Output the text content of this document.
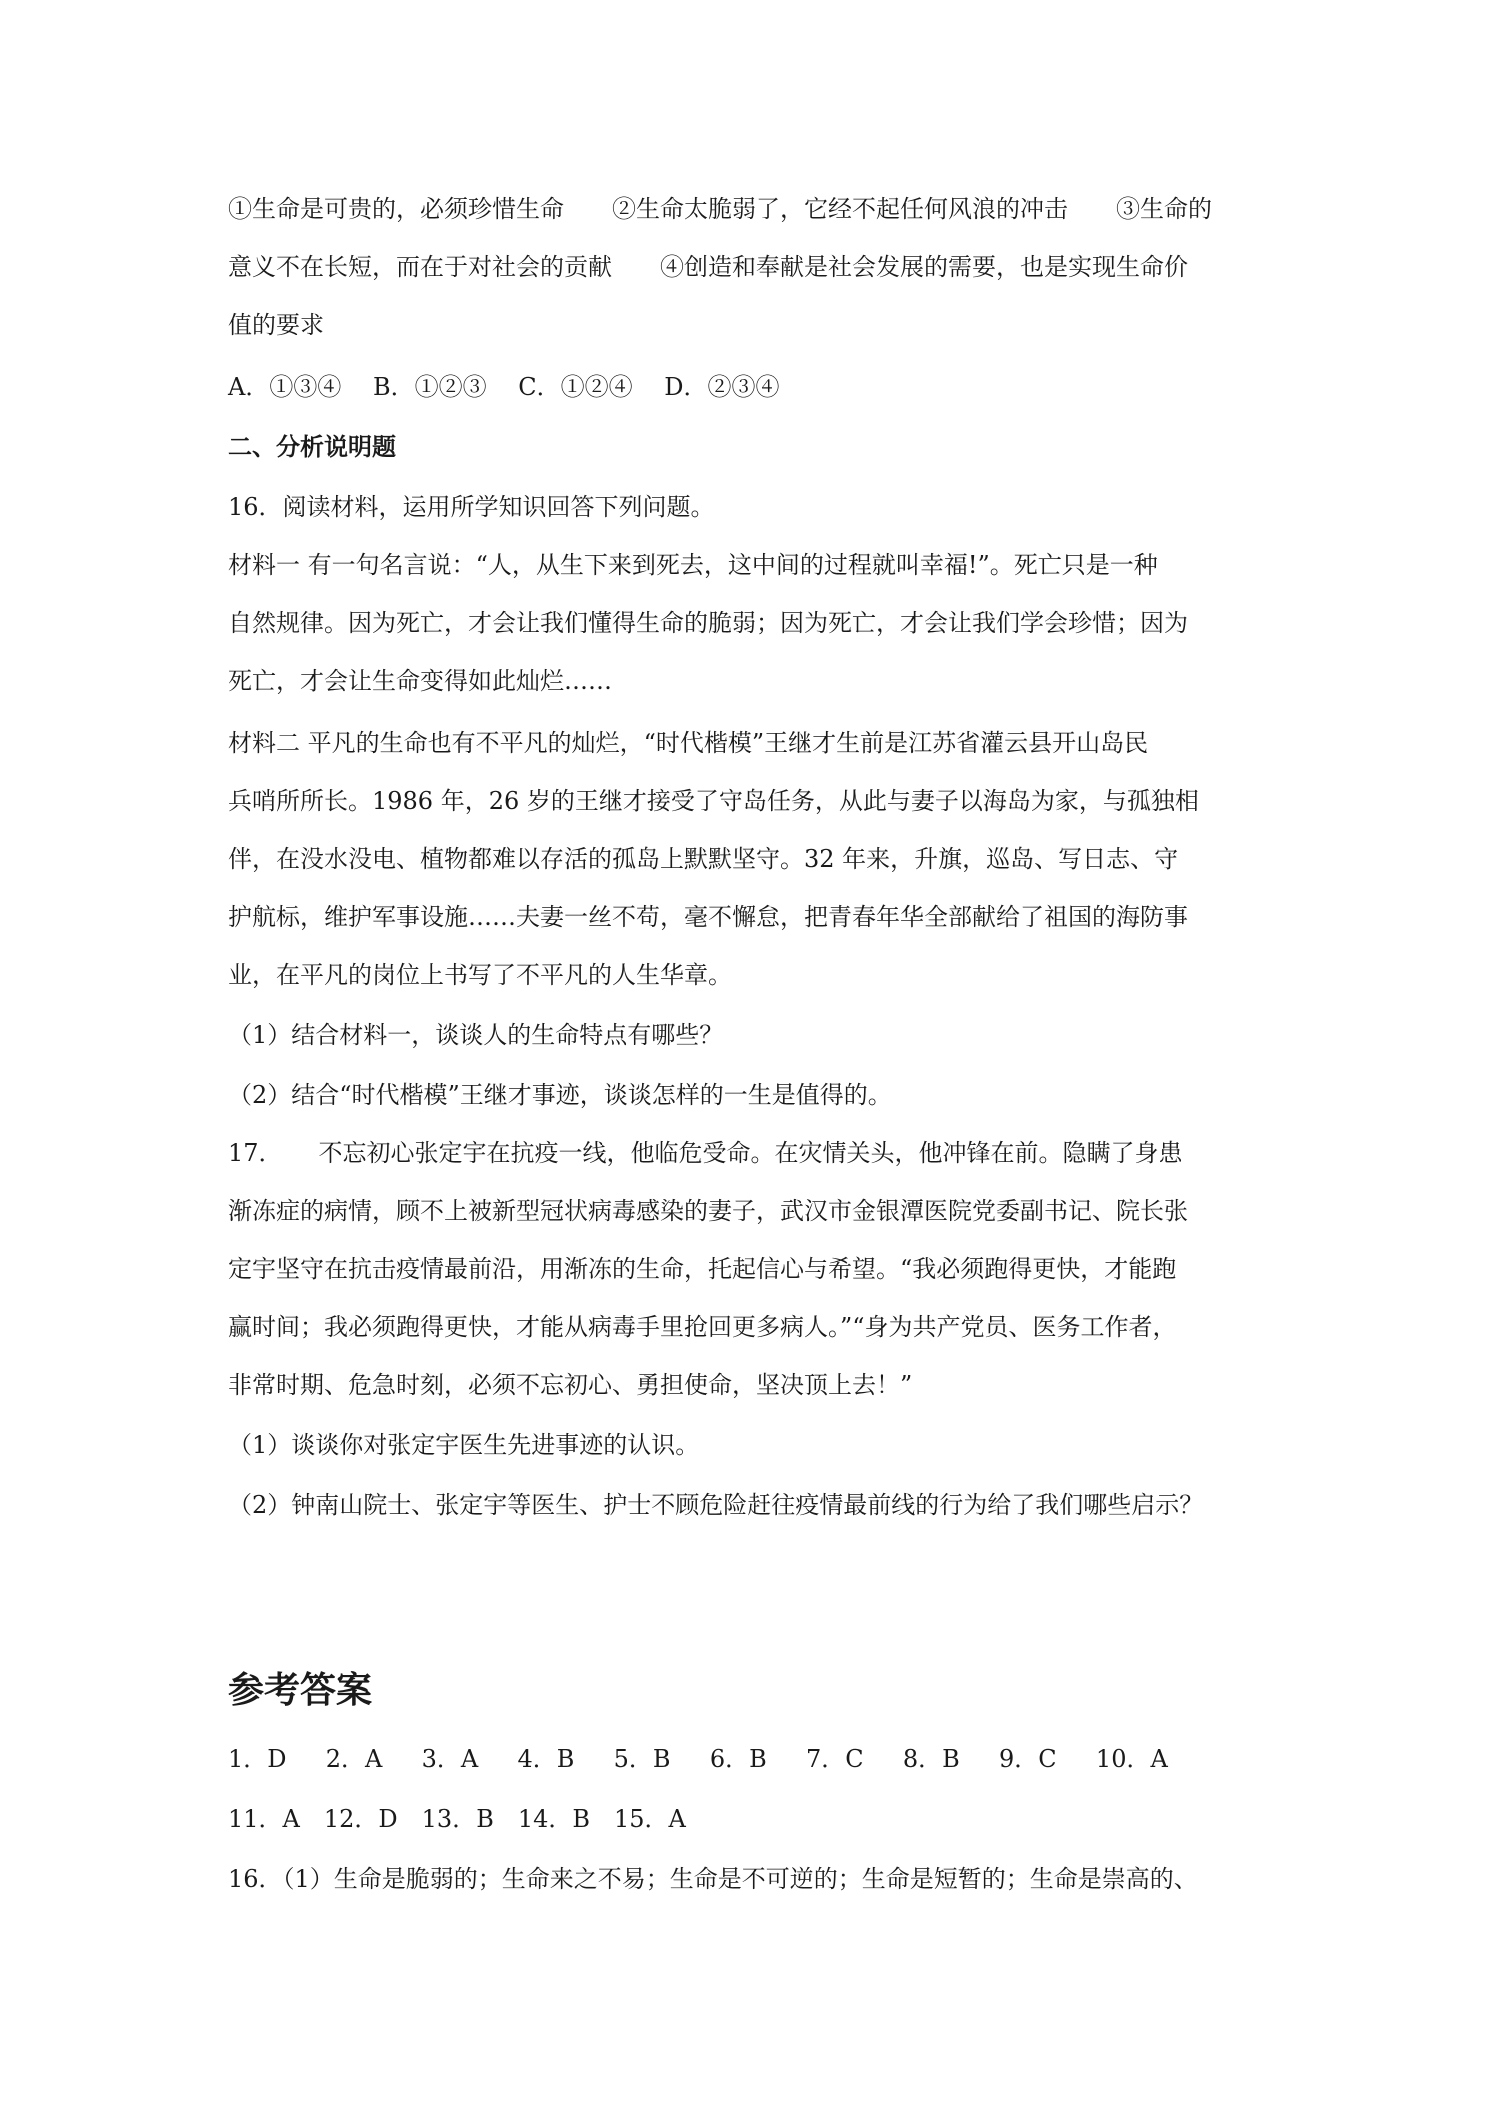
①生命是可贵的，必须珍惜生命　　②生命太脆弱了，它经不起任何风浪的冲击　　③生命的

意义不在长短，而在于对社会的贡献　　④创造和奉献是社会发展的需要，也是实现生命价

值的要求

A．①③④　 B．①②③　 C．①②④　 D．②③④

二、分析说明题

16．阅读材料，运用所学知识回答下列问题。

材料一 有一句名言说：“人，从生下来到死去，这中间的过程就叫幸福!”。死亡只是一种

自然规律。因为死亡，才会让我们懂得生命的脆弱；因为死亡，才会让我们学会珍惜；因为

死亡，才会让生命变得如此灿烂……

材料二 平凡的生命也有不平凡的灿烂，“时代楷模”王继才生前是江苏省灌云县开山岛民

兵哨所所长。1986 年，26 岁的王继才接受了守岛任务，从此与妻子以海岛为家，与孤独相

伴，在没水没电、植物都难以存活的孤岛上默默坚守。32 年来，升旗，巡岛、写日志、守

护航标，维护军事设施……夫妻一丝不苟，毫不懈怠，把青春年华全部献给了祖国的海防事

业，在平凡的岗位上书写了不平凡的人生华章。

（1）结合材料一，谈谈人的生命特点有哪些？

（2）结合“时代楷模”王继才事迹，谈谈怎样的一生是值得的。

17．　　不忘初心张定宇在抗疫一线，他临危受命。在灾情关头，他冲锋在前。隐瞒了身患

渐冻症的病情，顾不上被新型冠状病毒感染的妻子，武汉市金银潭医院党委副书记、院长张

定宇坚守在抗击疫情最前沿，用渐冻的生命，托起信心与希望。“我必须跑得更快，才能跑

赢时间；我必须跑得更快，才能从病毒手里抢回更多病人。”“身为共产党员、医务工作者，

非常时期、危急时刻，必须不忘初心、勇担使命，坚决顶上去！”

（1）谈谈你对张定宇医生先进事迹的认识。

（2）钟南山院士、张定宇等医生、护士不顾危险赶往疫情最前线的行为给了我们哪些启示？

参考答案

1．D　  2．A　  3．A　  4．B　  5．B　  6．B　  7．C　  8．B　  9．C　  10．A

11．A　12．D　13．B　14．B　15．A

16．（1）生命是脆弱的；生命来之不易；生命是不可逆的；生命是短暂的；生命是崇高的、
